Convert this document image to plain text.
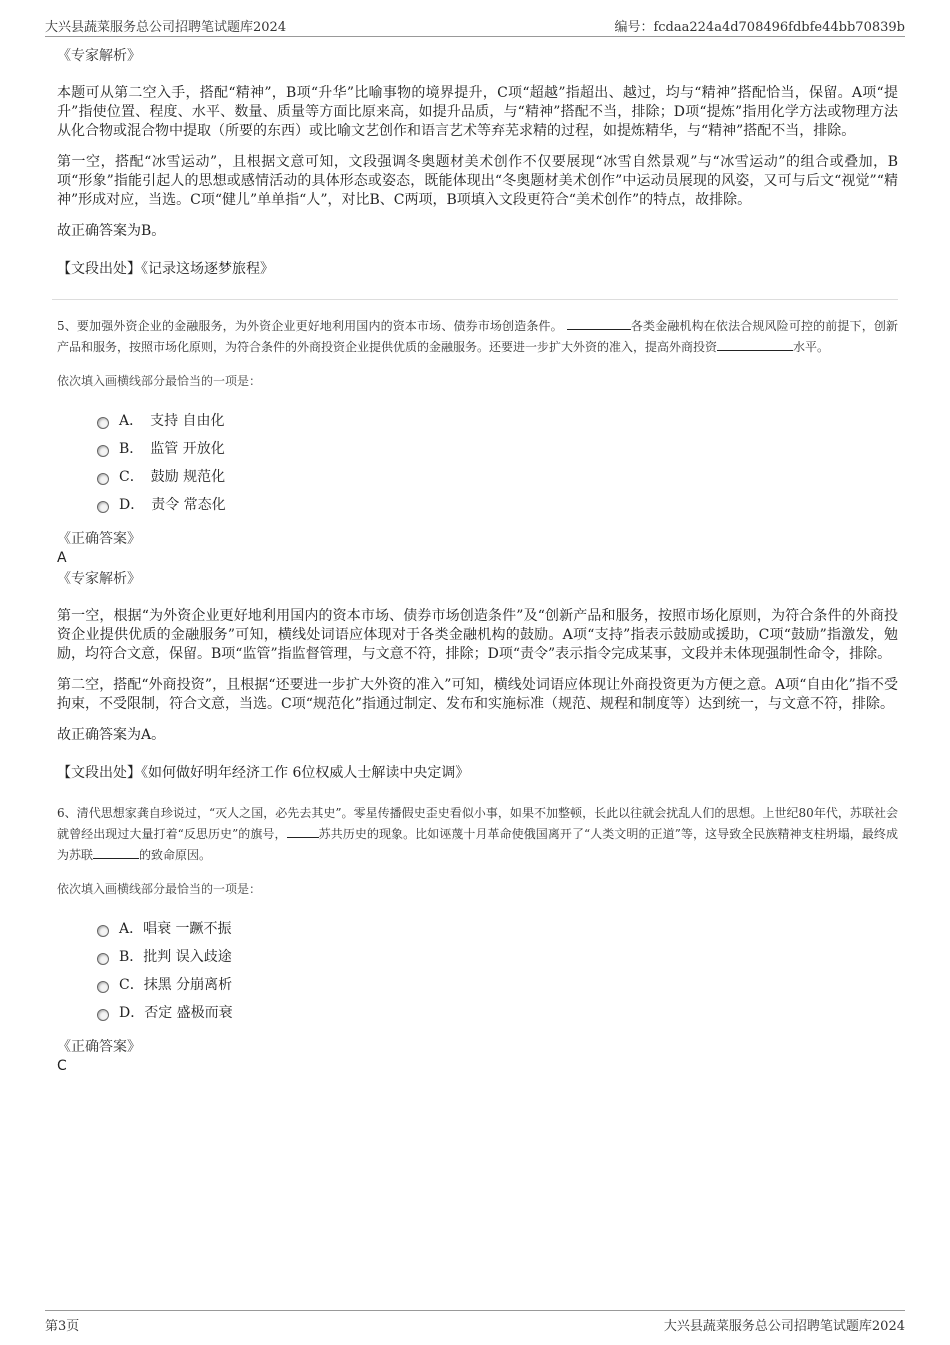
大兴县蔬菜服务总公司招聘笔试题库2024	编号：fcdaa224a4d708496fdbfe44bb70839b

《专家解析》

本题可从第二空入手，搭配“精神”，B项“升华”比喻事物的境界提升，C项“超越”指超出、越过，均与“精神”搭配恰当，保留。A项“提升”指使位置、程度、水平、数量、质量等方面比原来高，如提升品质，与“精神”搭配不当，排除；D项“提炼”指用化学方法或物理方法从化合物或混合物中提取（所要的东西）或比喻文艺创作和语言艺术等弃芜求精的过程，如提炼精华，与“精神”搭配不当，排除。

第一空，搭配“冰雪运动”，且根据文意可知，文段强调冬奥题材美术创作不仅要展现“冰雪自然景观”与“冰雪运动”的组合或叠加，B项“形象”指能引起人的思想或感情活动的具体形态或姿态，既能体现出“冬奥题材美术创作”中运动员展现的风姿，又可与后文“视觉”“精神”形成对应，当选。C项“健儿”单单指“人”，对比B、C两项，B项填入文段更符合“美术创作”的特点，故排除。

故正确答案为B。

【文段出处】《记录这场逐梦旅程》

5、要加强外资企业的金融服务，为外资企业更好地利用国内的资本市场、债券市场创造条件。	各类金融机构在依法合规风险可控的前提下，创新产品和服务，按照市场化原则，为符合条件的外商投资企业提供优质的金融服务。还要进一步扩大外资的准入，提高外商投资	水平。

依次填入画横线部分最恰当的一项是：

A．　支持 自由化
B．　监管 开放化
C．　鼓励 规范化
D．　责令 常态化

《正确答案》

A

《专家解析》

第一空，根据“为外资企业更好地利用国内的资本市场、债券市场创造条件”及“创新产品和服务，按照市场化原则，为符合条件的外商投资企业提供优质的金融服务”可知，横线处词语应体现对于各类金融机构的鼓励。A项“支持”指表示鼓励或援助，C项“鼓励”指激发，勉励，均符合文意，保留。B项“监管”指监督管理，与文意不符，排除；D项“责令”表示指令完成某事，文段并未体现强制性命令，排除。

第二空，搭配“外商投资”，且根据“还要进一步扩大外资的准入”可知，横线处词语应体现让外商投资更为方便之意。A项“自由化”指不受拘束，不受限制，符合文意，当选。C项“规范化”指通过制定、发布和实施标准（规范、规程和制度等）达到统一，与文意不符，排除。

故正确答案为A。

【文段出处】《如何做好明年经济工作 6位权威人士解读中央定调》

6、清代思想家龚自珍说过，“灭人之国，必先去其史”。零星传播假史歪史看似小事，如果不加整顿，长此以往就会扰乱人们的思想。上世纪80年代，苏联社会就曾经出现过大量打着“反思历史”的旗号，	苏共历史的现象。比如诬蔑十月革命使俄国离开了“人类文明的正道”等，这导致全民族精神支柱坍塌，最终成为苏联	的致命原因。

依次填入画横线部分最恰当的一项是：

A．唱衰 一蹶不振
B．批判 误入歧途
C．抹黑 分崩离析
D．否定 盛极而衰

《正确答案》

C

第3页	大兴县蔬菜服务总公司招聘笔试题库2024
